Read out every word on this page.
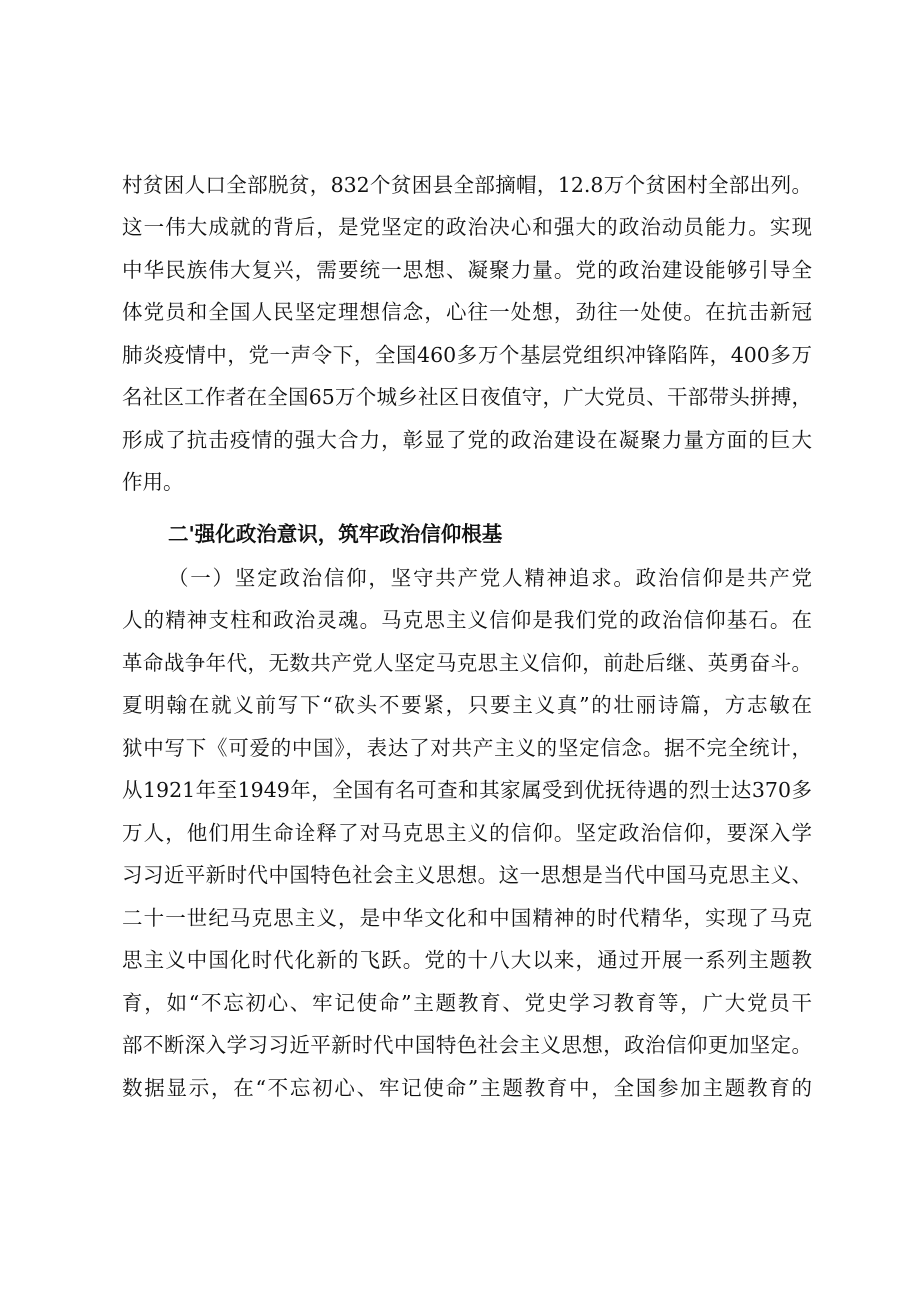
村贫困人口全部脱贫，832个贫困县全部摘帽，12.8万个贫困村全部出列。
这一伟大成就的背后，是党坚定的政治决心和强大的政治动员能力。实现
中华民族伟大复兴，需要统一思想、凝聚力量。党的政治建设能够引导全
体党员和全国人民坚定理想信念，心往一处想，劲往一处使。在抗击新冠
肺炎疫情中，党一声令下，全国460多万个基层党组织冲锋陷阵，400多万
名社区工作者在全国65万个城乡社区日夜值守，广大党员、干部带头拼搏，
形成了抗击疫情的强大合力，彰显了党的政治建设在凝聚力量方面的巨大
作用。
二'强化政治意识，筑牢政治信仰根基
（一）坚定政治信仰，坚守共产党人精神追求。政治信仰是共产党
人的精神支柱和政治灵魂。马克思主义信仰是我们党的政治信仰基石。在
革命战争年代，无数共产党人坚定马克思主义信仰，前赴后继、英勇奋斗。
夏明翰在就义前写下“砍头不要紧，只要主义真”的壮丽诗篇，方志敏在
狱中写下《可爱的中国》，表达了对共产主义的坚定信念。据不完全统计，
从1921年至1949年，全国有名可查和其家属受到优抚待遇的烈士达370多
万人，他们用生命诠释了对马克思主义的信仰。坚定政治信仰，要深入学
习习近平新时代中国特色社会主义思想。这一思想是当代中国马克思主义、
二十一世纪马克思主义，是中华文化和中国精神的时代精华，实现了马克
思主义中国化时代化新的飞跃。党的十八大以来，通过开展一系列主题教
育，如“不忘初心、牢记使命”主题教育、党史学习教育等，广大党员干
部不断深入学习习近平新时代中国特色社会主义思想，政治信仰更加坚定。
数据显示，在“不忘初心、牢记使命”主题教育中，全国参加主题教育的
